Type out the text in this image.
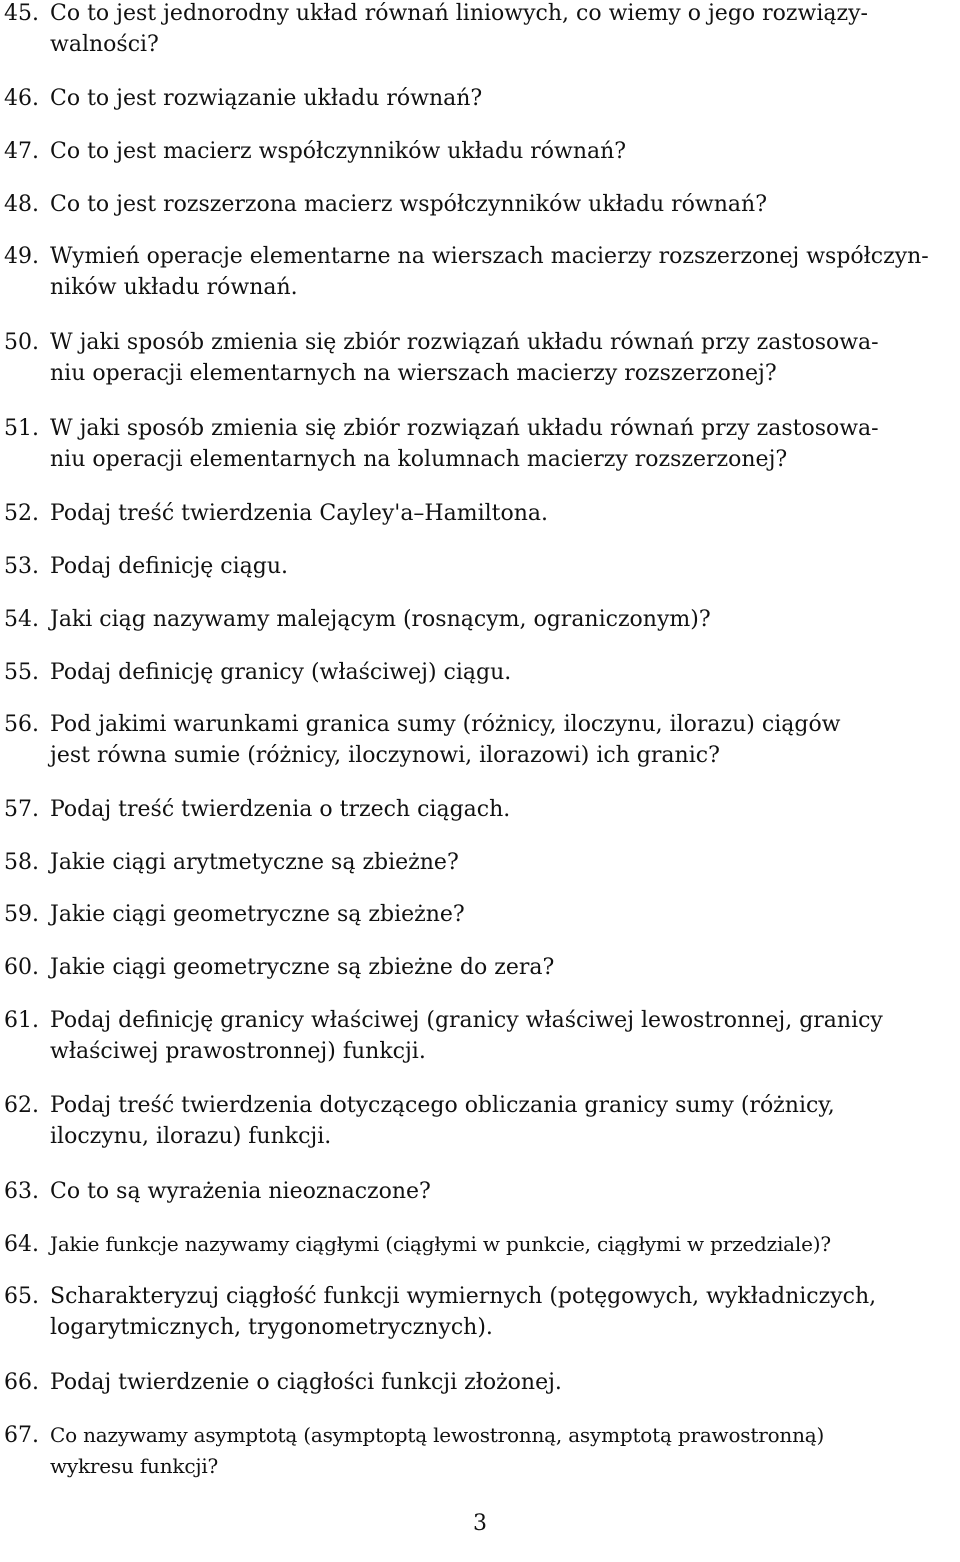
45. Co to jest jednorodny układ równań liniowych, co wiemy o jego rozwiązy-
walności?
46. Co to jest rozwiązanie układu równań?
47. Co to jest macierz współczynników układu równań?
48. Co to jest rozszerzona macierz współczynników układu równań?
49. Wymień operacje elementarne na wierszach macierzy rozszerzonej współczyn-
ników układu równań.
50. W jaki sposób zmienia się zbiór rozwiązań układu równań przy zastosowa-
niu operacji elementarnych na wierszach macierzy rozszerzonej?
51. W jaki sposób zmienia się zbiór rozwiązań układu równań przy zastosowa-
niu operacji elementarnych na kolumnach macierzy rozszerzonej?
52. Podaj treść twierdzenia Cayley'a–Hamiltona.
53. Podaj definicję ciągu.
54. Jaki ciąg nazywamy malejącym (rosnącym, ograniczonym)?
55. Podaj definicję granicy (właściwej) ciągu.
56. Pod jakimi warunkami granica sumy (różnicy, iloczynu, ilorazu) ciągów
jest równa sumie (różnicy, iloczynowi, ilorazowi) ich granic?
57. Podaj treść twierdzenia o trzech ciągach.
58. Jakie ciągi arytmetyczne są zbieżne?
59. Jakie ciągi geometryczne są zbieżne?
60. Jakie ciągi geometryczne są zbieżne do zera?
61. Podaj definicję granicy właściwej (granicy właściwej lewostronnej, granicy
właściwej prawostronnej) funkcji.
62. Podaj treść twierdzenia dotyczącego obliczania granicy sumy (różnicy,
iloczynu, ilorazu) funkcji.
63. Co to są wyrażenia nieoznaczone?
64. Jakie funkcje nazywamy ciągłymi (ciągłymi w punkcie, ciągłymi w przedziale)?
65. Scharakteryzuj ciągłość funkcji wymiernych (potęgowych, wykładniczych,
logarytmicznych, trygonometrycznych).
66. Podaj twierdzenie o ciągłości funkcji złożonej.
67. Co nazywamy asymptotą (asymptoptą lewostronną, asymptotą prawostronną)
wykresu funkcji?
3
